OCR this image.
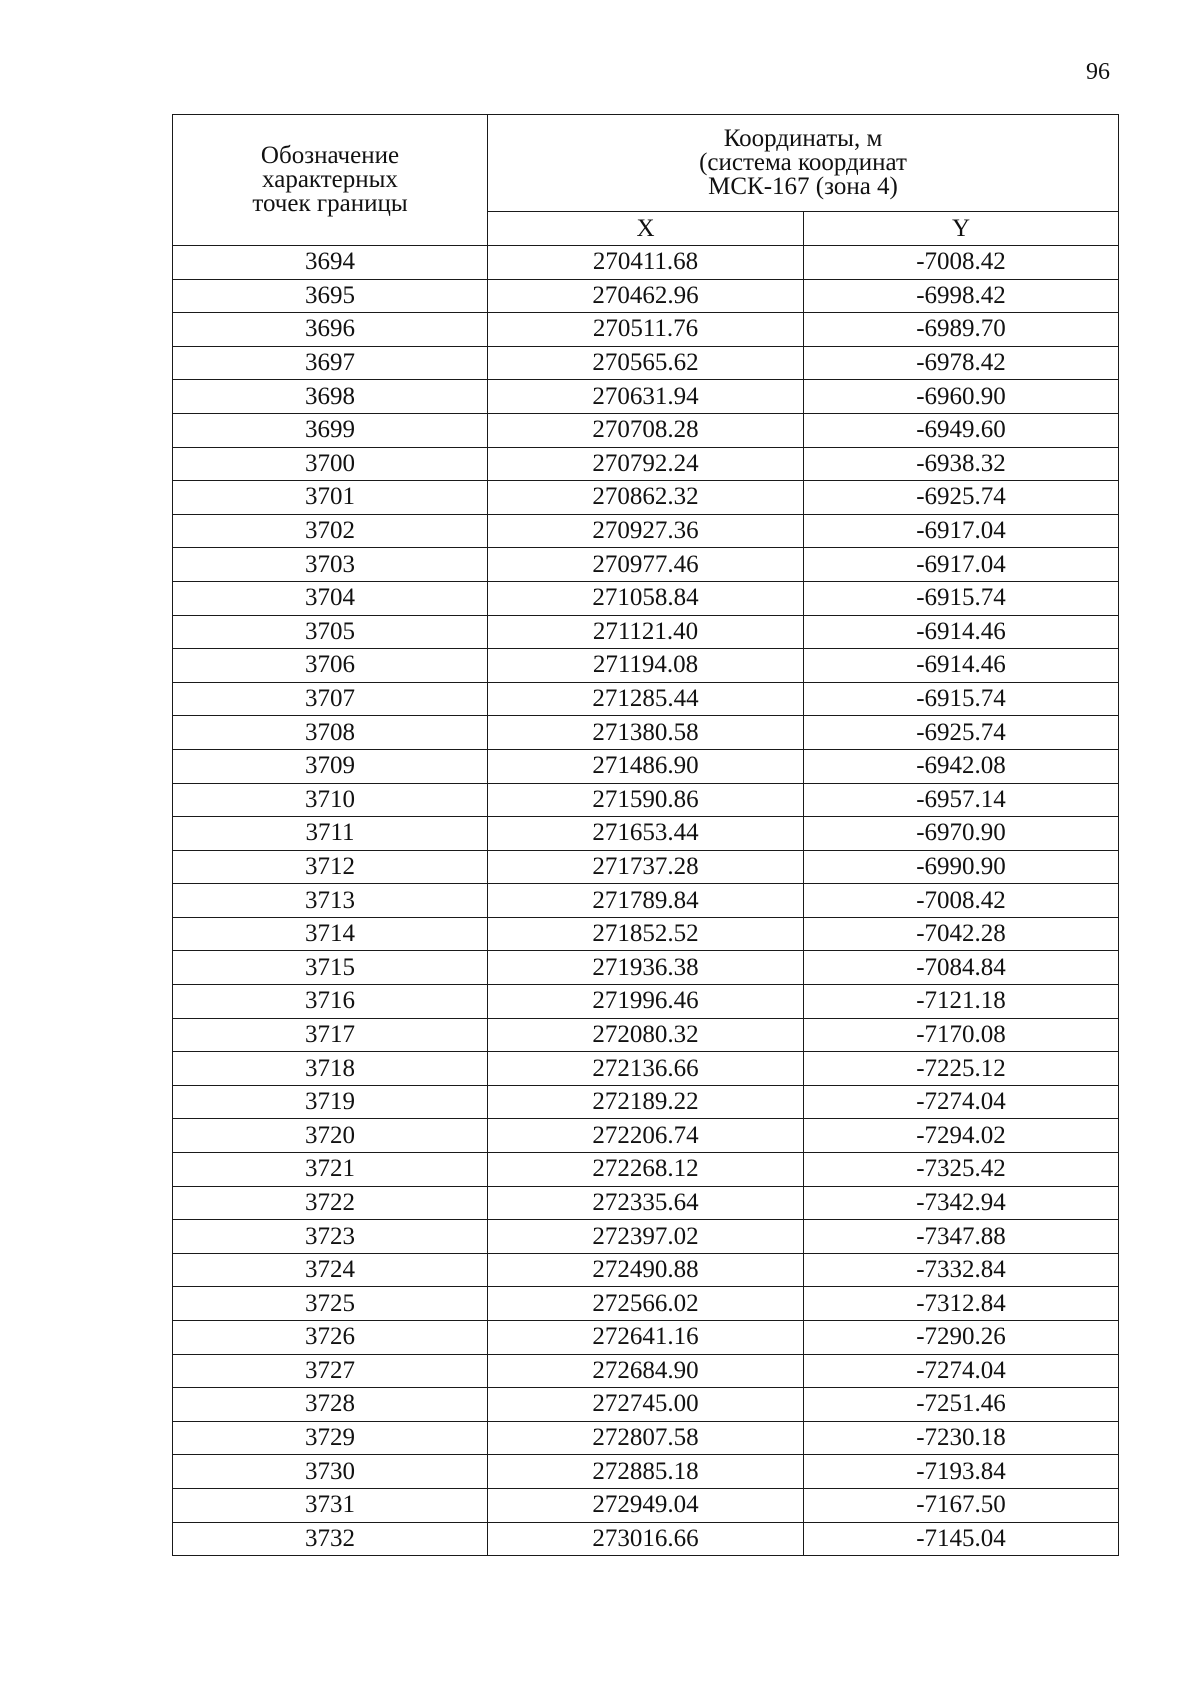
96
Обозначение
характерных
точек границы	Координаты, м
(система координат
МСК-167 (зона 4)	

	X	Y
3694	270411.68	-7008.42
3695	270462.96	-6998.42
3696	270511.76	-6989.70
3697	270565.62	-6978.42
3698	270631.94	-6960.90
3699	270708.28	-6949.60
3700	270792.24	-6938.32
3701	270862.32	-6925.74
3702	270927.36	-6917.04
3703	270977.46	-6917.04
3704	271058.84	-6915.74
3705	271121.40	-6914.46
3706	271194.08	-6914.46
3707	271285.44	-6915.74
3708	271380.58	-6925.74
3709	271486.90	-6942.08
3710	271590.86	-6957.14
3711	271653.44	-6970.90
3712	271737.28	-6990.90
3713	271789.84	-7008.42
3714	271852.52	-7042.28
3715	271936.38	-7084.84
3716	271996.46	-7121.18
3717	272080.32	-7170.08
3718	272136.66	-7225.12
3719	272189.22	-7274.04
3720	272206.74	-7294.02
3721	272268.12	-7325.42
3722	272335.64	-7342.94
3723	272397.02	-7347.88
3724	272490.88	-7332.84
3725	272566.02	-7312.84
3726	272641.16	-7290.26
3727	272684.90	-7274.04
3728	272745.00	-7251.46
3729	272807.58	-7230.18
3730	272885.18	-7193.84
3731	272949.04	-7167.50
3732	273016.66	-7145.04
